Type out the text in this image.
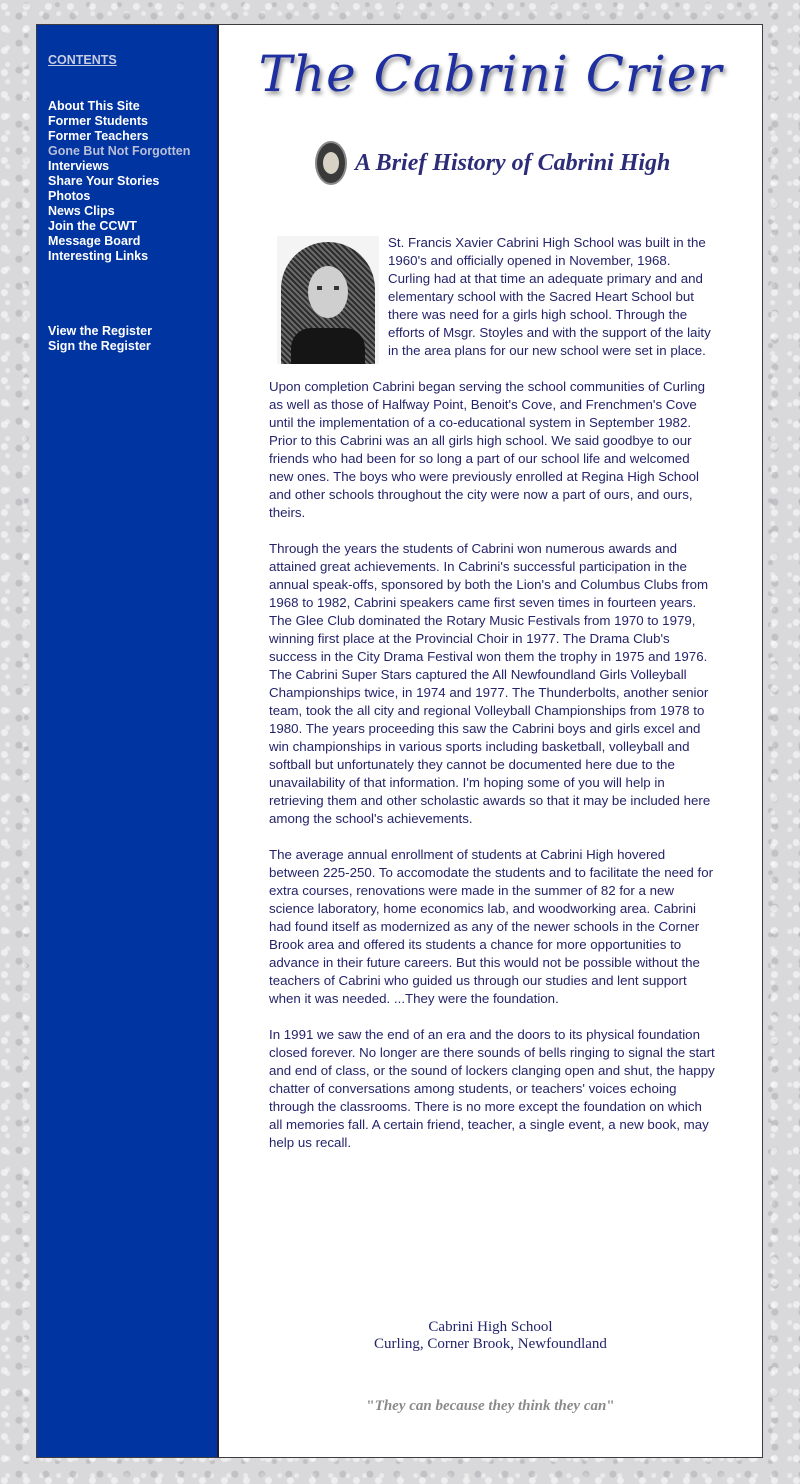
CONTENTS
About This Site
Former Students
Former Teachers
Gone But Not Forgotten
Interviews
Share Your Stories
Photos
News Clips
Join the CCWT
Message Board
Interesting Links
View the Register
Sign the Register
The Cabrini Crier
A Brief History of Cabrini High

St. Francis Xavier Cabrini High School was built in the 1960's and officially opened in November, 1968. Curling had at that time an adequate primary and and elementary school with the Sacred Heart School but there was need for a girls high school. Through the efforts of Msgr. Stoyles and with the support of the laity in the area plans for our new school were set in place.

Upon completion Cabrini began serving the school communities of Curling as well as those of Halfway Point, Benoit's Cove, and Frenchmen's Cove until the implementation of a co-educational system in September 1982. Prior to this Cabrini was an all girls high school. We said goodbye to our friends who had been for so long a part of our school life and welcomed new ones. The boys who were previously enrolled at Regina High School and other schools throughout the city were now a part of ours, and ours, theirs.

Through the years the students of Cabrini won numerous awards and attained great achievements. In Cabrini's successful participation in the annual speak-offs, sponsored by both the Lion's and Columbus Clubs from 1968 to 1982, Cabrini speakers came first seven times in fourteen years. The Glee Club dominated the Rotary Music Festivals from 1970 to 1979, winning first place at the Provincial Choir in 1977. The Drama Club's success in the City Drama Festival won them the trophy in 1975 and 1976. The Cabrini Super Stars captured the All Newfoundland Girls Volleyball Championships twice, in 1974 and 1977. The Thunderbolts, another senior team, took the all city and regional Volleyball Championships from 1978 to 1980. The years proceeding this saw the Cabrini boys and girls excel and win championships in various sports including basketball, volleyball and softball but unfortunately they cannot be documented here due to the unavailability of that information. I'm hoping some of you will help in retrieving them and other scholastic awards so that it may be included here among the school's achievements.

The average annual enrollment of students at Cabrini High hovered between 225-250. To accomodate the students and to facilitate the need for extra courses, renovations were made in the summer of 82 for a new science laboratory, home economics lab, and woodworking area. Cabrini had found itself as modernized as any of the newer schools in the Corner Brook area and offered its students a chance for more opportunities to advance in their future careers. But this would not be possible without the teachers of Cabrini who guided us through our studies and lent support when it was needed. ...They were the foundation.

In 1991 we saw the end of an era and the doors to its physical foundation closed forever. No longer are there sounds of bells ringing to signal the start and end of class, or the sound of lockers clanging open and shut, the happy chatter of conversations among students, or teachers' voices echoing through the classrooms. There is no more except the foundation on which all memories fall. A certain friend, teacher, a single event, a new book, may help us recall.

Cabrini High School
Curling, Corner Brook, Newfoundland
"They can because they think they can"
